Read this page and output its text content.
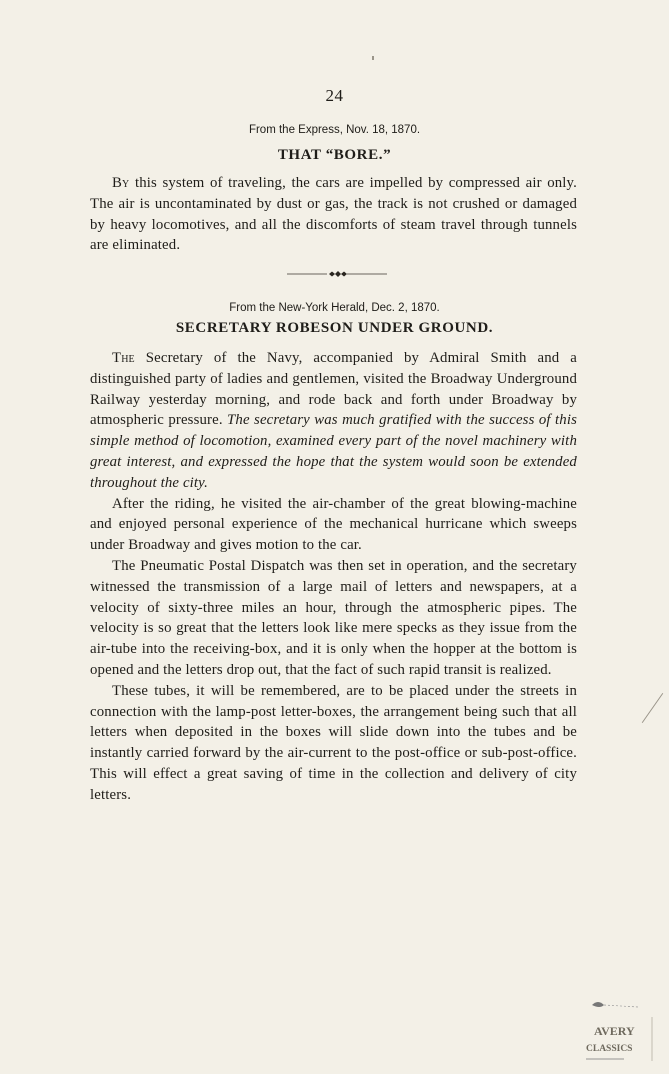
24
From the Express, Nov. 18, 1870.
THAT “BORE.”

By this system of traveling, the cars are impelled by compressed air only. The air is uncontaminated by dust or gas, the track is not crushed or damaged by heavy locomotives, and all the discomforts of steam travel through tunnels are eliminated.

From the New-York Herald, Dec. 2, 1870.
SECRETARY ROBESON UNDER GROUND.

The Secretary of the Navy, accompanied by Admiral Smith and a distinguished party of ladies and gentlemen, visited the Broadway Underground Railway yesterday morning, and rode back and forth under Broadway by atmospheric pressure. The secretary was much gratified with the success of this simple method of locomotion, examined every part of the novel machinery with great interest, and expressed the hope that the system would soon be extended throughout the city.

After the riding, he visited the air-chamber of the great blowing-machine and enjoyed personal experience of the mechanical hurricane which sweeps under Broadway and gives motion to the car.

The Pneumatic Postal Dispatch was then set in operation, and the secretary witnessed the transmission of a large mail of letters and newspapers, at a velocity of sixty-three miles an hour, through the atmospheric pipes. The velocity is so great that the letters look like mere specks as they issue from the air-tube into the receiving-box, and it is only when the hopper at the bottom is opened and the letters drop out, that the fact of such rapid transit is realized.

These tubes, it will be remembered, are to be placed under the streets in connection with the lamp-post letter-boxes, the arrangement being such that all letters when deposited in the boxes will slide down into the tubes and be instantly carried forward by the air-current to the post-office or sub-post-office. This will effect a great saving of time in the collection and delivery of city letters.

AVERY
CLASSICS
